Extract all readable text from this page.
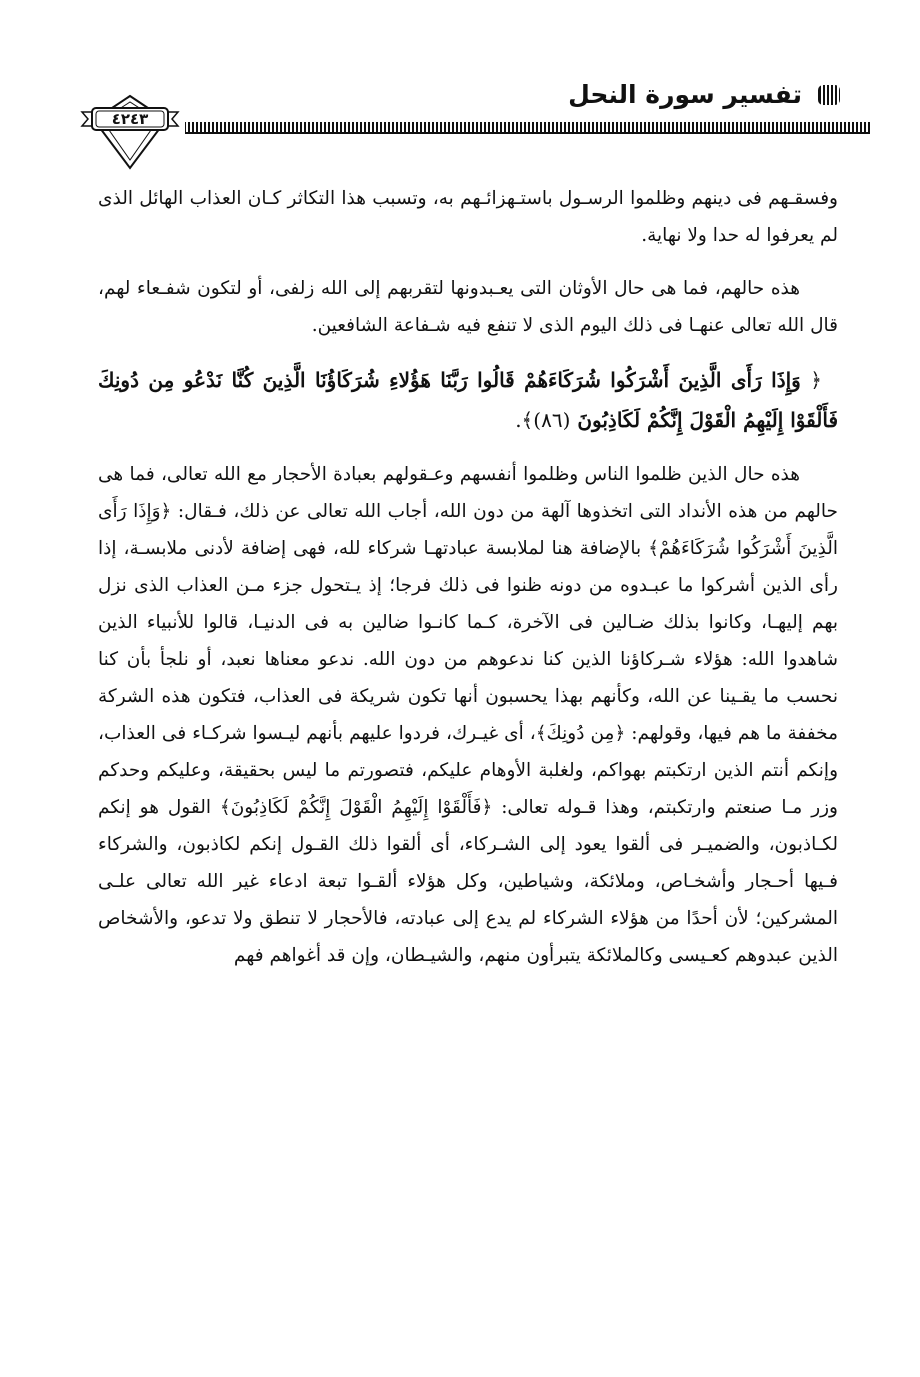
تفسير سورة النحل
٤٢٤٣

وفسقـهم فى دينهم وظلموا الرسـول باستـهزائـهم به، وتسبب هذا التكاثر كـان العذاب الهائل الذى لم يعرفوا له حدا ولا نهاية.

هذه حالهم، فما هى حال الأوثان التى يعـبدونها لتقربهم إلى الله زلفى، أو لتكون شفـعاء لهم، قال الله تعالى عنهـا فى ذلك اليوم الذى لا تنفع فيه شـفاعة الشافعين.

﴿ وَإِذَا رَأَى الَّذِينَ أَشْرَكُوا شُرَكَاءَهُمْ قَالُوا رَبَّنَا هَؤُلاءِ شُرَكَاؤُنَا الَّذِينَ كُنَّا نَدْعُو مِن دُونِكَ فَأَلْقَوْا إِلَيْهِمُ الْقَوْلَ إِنَّكُمْ لَكَاذِبُونَ (٨٦)﴾.

هذه حال الذين ظلموا الناس وظلموا أنفسهم وعـقولهم بعبادة الأحجار مع الله تعالى، فما هى حالهم من هذه الأنداد التى اتخذوها آلهة من دون الله، أجاب الله تعالى عن ذلك، فـقال: ﴿وَإِذَا رَأَى الَّذِينَ أَشْرَكُوا شُرَكَاءَهُمْ﴾ بالإضافة هنا لملابسة عبادتهـا شركاء لله، فهى إضافة لأدنى ملابسـة، إذا رأى الذين أشركوا ما عبـدوه من دونه ظنوا فى ذلك فرجا؛ إذ يـتحول جزء مـن العذاب الذى نزل بهم إليهـا، وكانوا بذلك ضـالين فى الآخرة، كـما كانـوا ضالين به فى الدنيـا، قالوا للأنبياء الذين شاهدوا الله: هؤلاء شـركاؤنا الذين كنا ندعوهم من دون الله. ندعو معناها نعبد، أو نلجأ بأن كنا نحسب ما يقـينا عن الله، وكأنهم بهذا يحسبون أنها تكون شريكة فى العذاب، فتكون هذه الشركة مخففة ما هم فيها، وقولهم: ﴿مِن دُونِكَ﴾، أى غيـرك، فردوا عليهم بأنهم ليـسوا شركـاء فى العذاب، وإنكم أنتم الذين ارتكبتم بهواكم، ولغلبة الأوهام عليكم، فتصورتم ما ليس بحقيقة، وعليكم وحدكم وزر مـا صنعتم وارتكبتم، وهذا قـوله تعالى: ﴿فَأَلْقَوْا إِلَيْهِمُ الْقَوْلَ إِنَّكُمْ لَكَاذِبُونَ﴾ القول هو إنكم لكـاذبون، والضميـر فى ألقوا يعود إلى الشـركاء، أى ألقوا ذلك القـول إنكم لكاذبون، والشركاء فـيها أحـجار وأشخـاص، وملائكة، وشياطين، وكل هؤلاء ألقـوا تبعة ادعاء غير الله تعالى علـى المشركين؛ لأن أحدًا من هؤلاء الشركاء لم يدع إلى عبادته، فالأحجار لا تنطق ولا تدعو، والأشخاص الذين عبدوهم كعـيسى وكالملائكة يتبرأون منهم، والشيـطان، وإن قد أغواهم فهم
